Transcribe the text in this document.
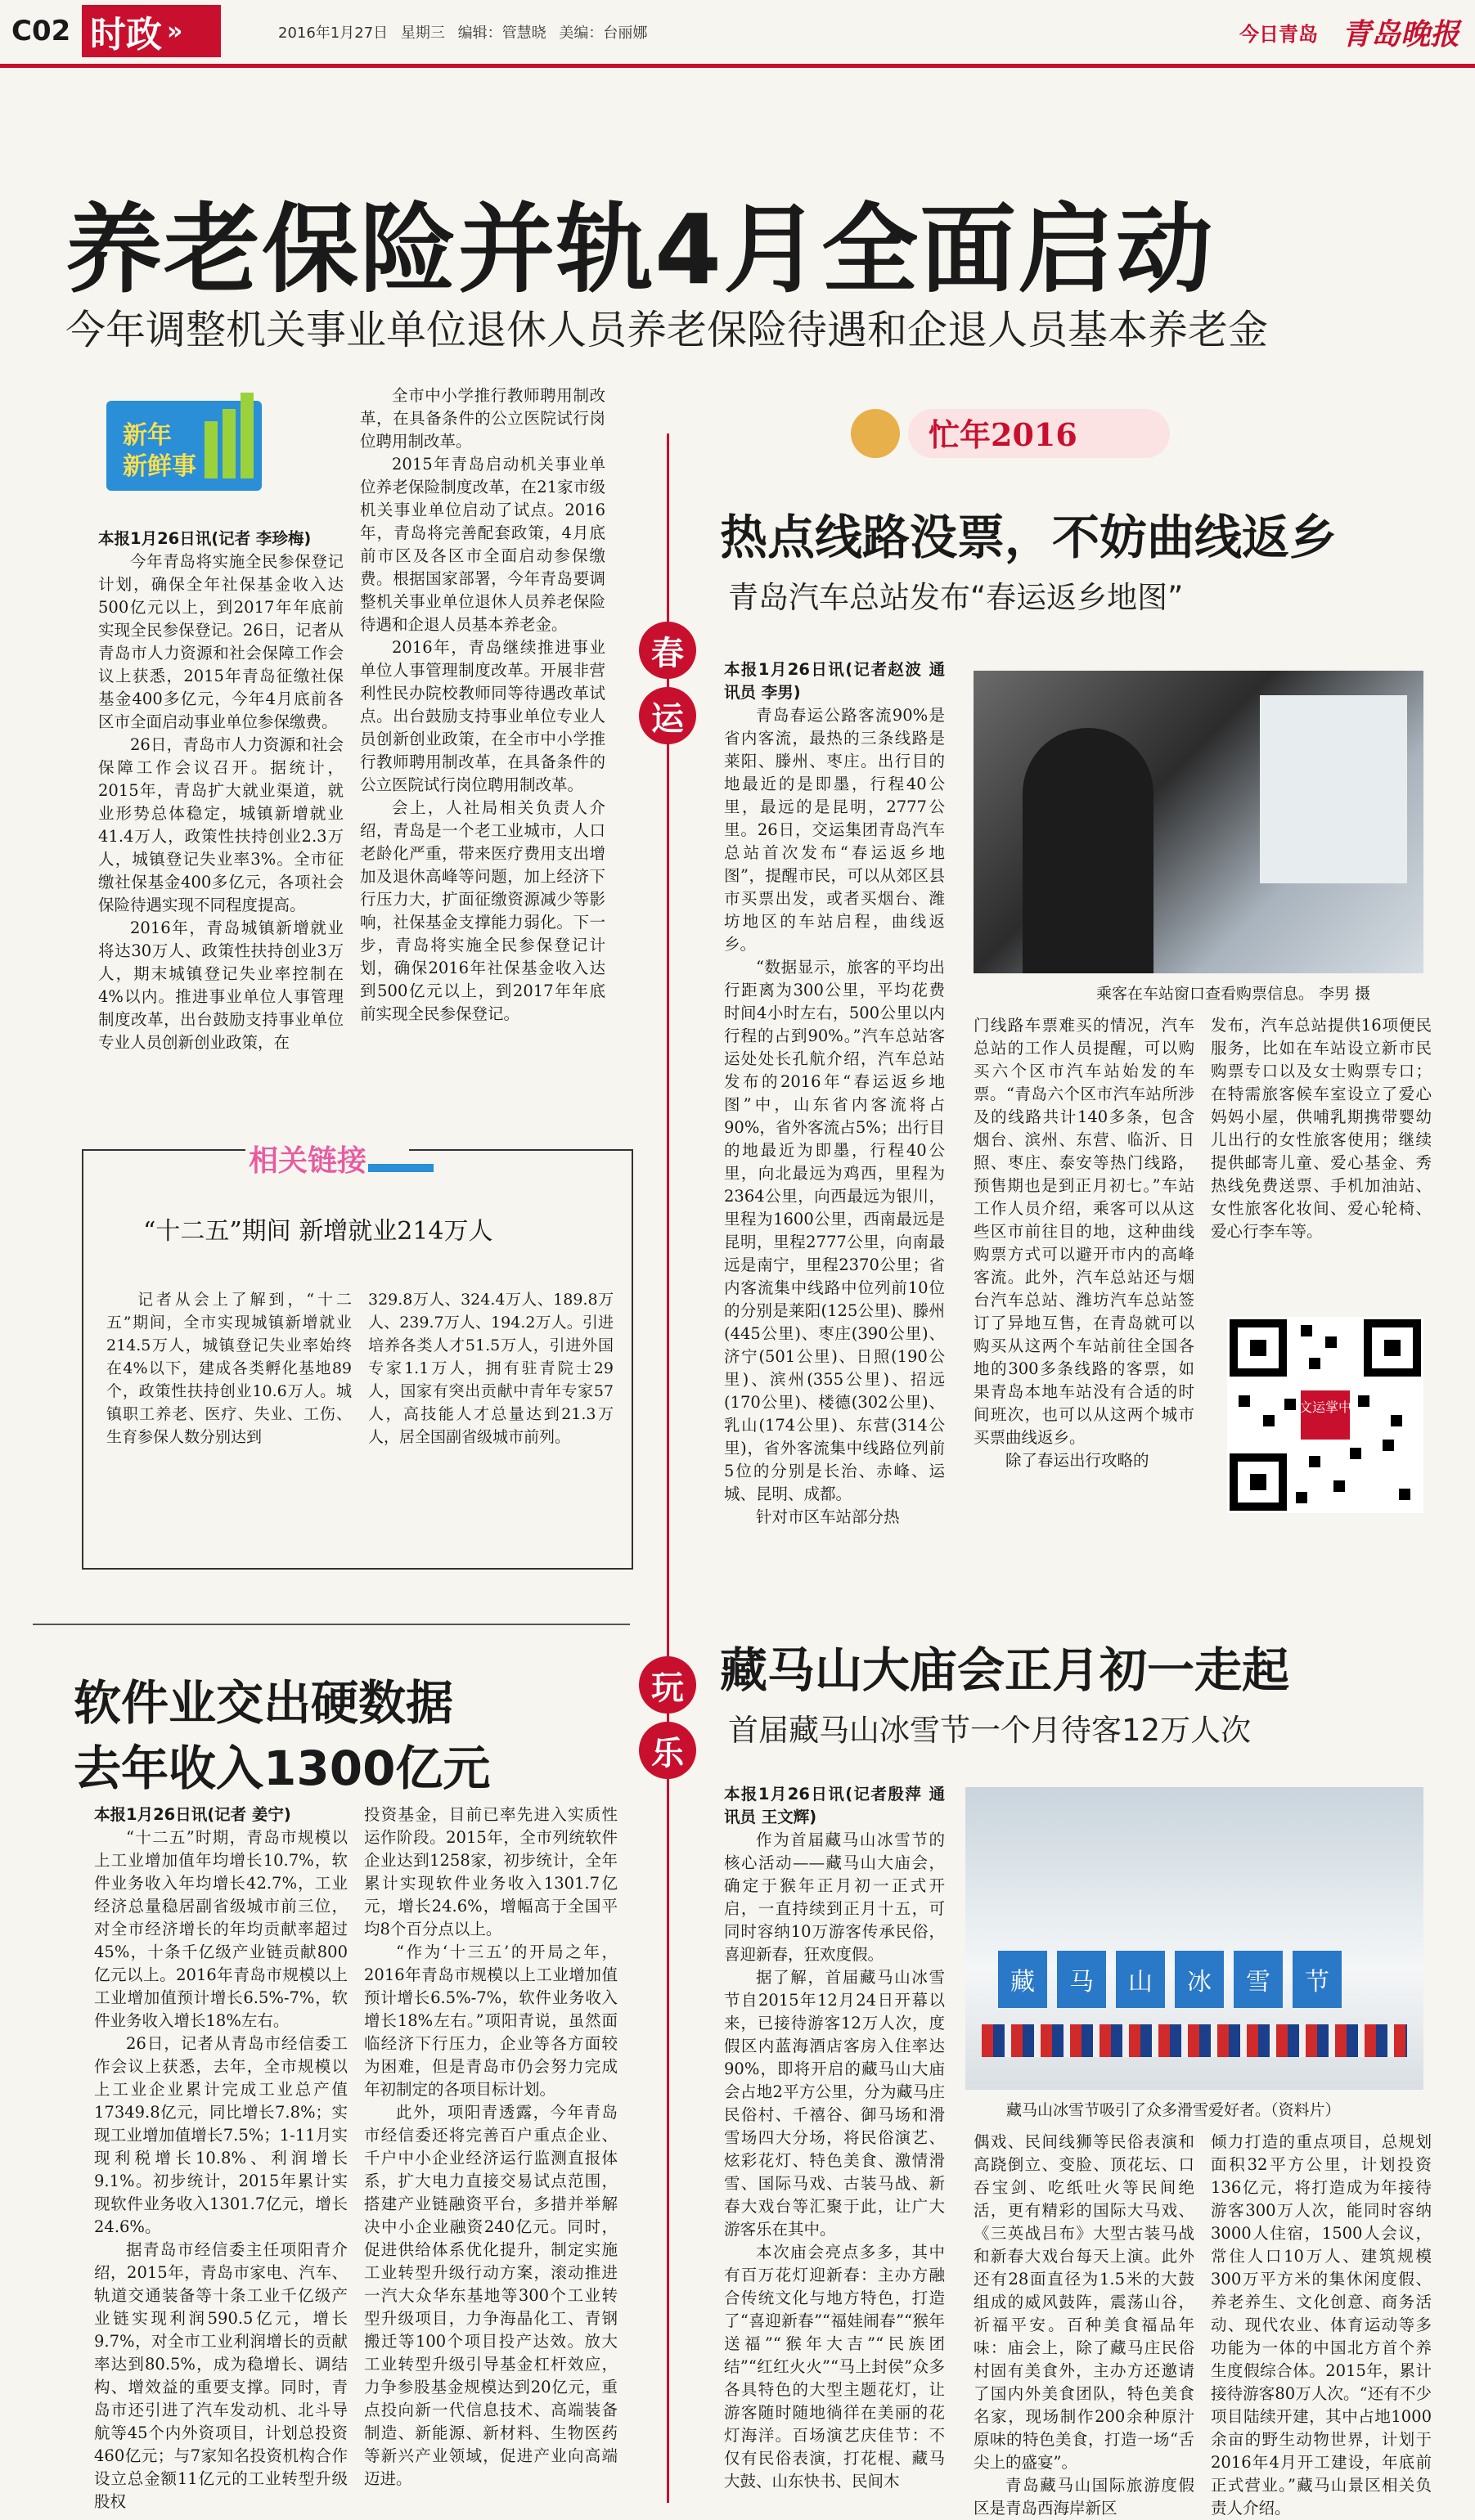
C02 时政 »	2016年1月27日 星期三 编辑：管慧晓 美编：台丽娜	今日青岛 青岛晚报
养老保险并轨4月全面启动
今年调整机关事业单位退休人员养老保险待遇和企退人员基本养老金
新年
新鲜事

本报1月26日讯(记者 李珍梅)

今年青岛将实施全民参保登记计划，确保全年社保基金收入达500亿元以上，到2017年年底前实现全民参保登记。26日，记者从青岛市人力资源和社会保障工作会议上获悉，2015年青岛征缴社保基金400多亿元，今年4月底前各区市全面启动事业单位参保缴费。

26日，青岛市人力资源和社会保障工作会议召开。据统计，2015年，青岛扩大就业渠道，就业形势总体稳定，城镇新增就业41.4万人，政策性扶持创业2.3万人，城镇登记失业率3%。全市征缴社保基金400多亿元，各项社会保险待遇实现不同程度提高。

2016年，青岛城镇新增就业将达30万人、政策性扶持创业3万人，期末城镇登记失业率控制在4%以内。推进事业单位人事管理制度改革，出台鼓励支持事业单位专业人员创新创业政策，在

全市中小学推行教师聘用制改革，在具备条件的公立医院试行岗位聘用制改革。

2015年青岛启动机关事业单位养老保险制度改革，在21家市级机关事业单位启动了试点。2016年，青岛将完善配套政策，4月底前市区及各区市全面启动参保缴费。根据国家部署，今年青岛要调整机关事业单位退休人员养老保险待遇和企退人员基本养老金。

2016年，青岛继续推进事业单位人事管理制度改革。开展非营利性民办院校教师同等待遇改革试点。出台鼓励支持事业单位专业人员创新创业政策，在全市中小学推行教师聘用制改革，在具备条件的公立医院试行岗位聘用制改革。

会上，人社局相关负责人介绍，青岛是一个老工业城市，人口老龄化严重，带来医疗费用支出增加及退休高峰等问题，加上经济下行压力大，扩面征缴资源减少等影响，社保基金支撑能力弱化。下一步，青岛将实施全民参保登记计划，确保2016年社保基金收入达到500亿元以上，到2017年年底前实现全民参保登记。

相关链接
“十二五”期间 新增就业214万人

记者从会上了解到，“十二五”期间，全市实现城镇新增就业214.5万人，城镇登记失业率始终在4%以下，建成各类孵化基地89个，政策性扶持创业10.6万人。城镇职工养老、医疗、失业、工伤、生育参保人数分别达到

329.8万人、324.4万人、189.8万人、239.7万人、194.2万人。引进培养各类人才51.5万人，引进外国专家1.1万人，拥有驻青院士29人，国家有突出贡献中青年专家57人，高技能人才总量达到21.3万人，居全国副省级城市前列。

春
运
玩
乐
忙年2016
热点线路没票，不妨曲线返乡
青岛汽车总站发布“春运返乡地图”

本报1月26日讯(记者赵波 通讯员 李男)

青岛春运公路客流90%是省内客流，最热的三条线路是莱阳、滕州、枣庄。出行目的地最近的是即墨，行程40公里，最远的是昆明，2777公里。26日，交运集团青岛汽车总站首次发布“春运返乡地图”，提醒市民，可以从郊区县市买票出发，或者买烟台、潍坊地区的车站启程，曲线返乡。

“数据显示，旅客的平均出行距离为300公里，平均花费时间4小时左右，500公里以内行程的占到90%。”汽车总站客运处处长孔航介绍，汽车总站发布的2016年“春运返乡地图”中，山东省内客流将占90%，省外客流占5%；出行目的地最近为即墨，行程40公里，向北最远为鸡西，里程为2364公里，向西最远为银川，里程为1600公里，西南最远是昆明，里程2777公里，向南最远是南宁，里程2370公里；省内客流集中线路中位列前10位的分别是莱阳(125公里)、滕州(445公里)、枣庄(390公里)、济宁(501公里)、日照(190公里)、滨州(355公里)、招远(170公里)、楼德(302公里)、乳山(174公里)、东营(314公里)，省外客流集中线路位列前5位的分别是长治、赤峰、运城、昆明、成都。

针对市区车站部分热

乘客在车站窗口查看购票信息。 李男 摄

门线路车票难买的情况，汽车总站的工作人员提醒，可以购买六个区市汽车站始发的车票。“青岛六个区市汽车站所涉及的线路共计140多条，包含烟台、滨州、东营、临沂、日照、枣庄、泰安等热门线路，预售期也是到正月初七。”车站工作人员介绍，乘客可以从这些区市前往目的地，这种曲线购票方式可以避开市内的高峰客流。此外，汽车总站还与烟台汽车总站、潍坊汽车总站签订了异地互售，在青岛就可以购买从这两个车站前往全国各地的300多条线路的客票，如果青岛本地车站没有合适的时间班次，也可以从这两个城市买票曲线返乡。

除了春运出行攻略的

发布，汽车总站提供16项便民服务，比如在车站设立新市民购票专口以及女士购票专口；在特需旅客候车室设立了爱心妈妈小屋，供哺乳期携带婴幼儿出行的女性旅客使用；继续提供邮寄儿童、爱心基金、秀热线免费送票、手机加油站、女性旅客化妆间、爱心轮椅、爱心行李车等。

文运掌中
软件业交出硬数据
去年收入1300亿元

本报1月26日讯(记者 姜宁)

“十二五”时期，青岛市规模以上工业增加值年均增长10.7%，软件业务收入年均增长42.7%，工业经济总量稳居副省级城市前三位，对全市经济增长的年均贡献率超过45%，十条千亿级产业链贡献800亿元以上。2016年青岛市规模以上工业增加值预计增长6.5%-7%，软件业务收入增长18%左右。

26日，记者从青岛市经信委工作会议上获悉，去年，全市规模以上工业企业累计完成工业总产值17349.8亿元，同比增长7.8%；实现工业增加值增长7.5%；1-11月实现利税增长10.8%、利润增长9.1%。初步统计，2015年累计实现软件业务收入1301.7亿元，增长24.6%。

据青岛市经信委主任项阳青介绍，2015年，青岛市家电、汽车、轨道交通装备等十条工业千亿级产业链实现利润590.5亿元，增长9.7%，对全市工业利润增长的贡献率达到80.5%，成为稳增长、调结构、增效益的重要支撑。同时，青岛市还引进了汽车发动机、北斗导航等45个内外资项目，计划总投资460亿元；与7家知名投资机构合作设立总金额11亿元的工业转型升级股权

投资基金，目前已率先进入实质性运作阶段。2015年，全市列统软件企业达到1258家，初步统计，全年累计实现软件业务收入1301.7亿元，增长24.6%，增幅高于全国平均8个百分点以上。

“作为‘十三五’的开局之年，2016年青岛市规模以上工业增加值预计增长6.5%-7%，软件业务收入增长18%左右。”项阳青说，虽然面临经济下行压力，企业等各方面较为困难，但是青岛市仍会努力完成年初制定的各项目标计划。

此外，项阳青透露，今年青岛市经信委还将完善百户重点企业、千户中小企业经济运行监测直报体系，扩大电力直接交易试点范围，搭建产业链融资平台，多措并举解决中小企业融资240亿元。同时，促进供给体系优化提升，制定实施工业转型升级行动方案，滚动推进一汽大众华东基地等300个工业转型升级项目，力争海晶化工、青钢搬迁等100个项目投产达效。放大工业转型升级引导基金杠杆效应，力争参股基金规模达到20亿元，重点投向新一代信息技术、高端装备制造、新能源、新材料、生物医药等新兴产业领域，促进产业向高端迈进。

藏马山大庙会正月初一走起
首届藏马山冰雪节一个月待客12万人次

本报1月26日讯(记者殷萍 通讯员 王文辉)

作为首届藏马山冰雪节的核心活动——藏马山大庙会，确定于猴年正月初一正式开启，一直持续到正月十五，可同时容纳10万游客传承民俗，喜迎新春，狂欢度假。

据了解，首届藏马山冰雪节自2015年12月24日开幕以来，已接待游客12万人次，度假区内蓝海酒店客房入住率达90%，即将开启的藏马山大庙会占地2平方公里，分为藏马庄民俗村、千禧谷、御马场和滑雪场四大分场，将民俗演艺、炫彩花灯、特色美食、激情滑雪、国际马戏、古装马战、新春大戏台等汇聚于此，让广大游客乐在其中。

本次庙会亮点多多，其中有百万花灯迎新春：主办方融合传统文化与地方特色，打造了“喜迎新春”“福娃闹春”“猴年送福”“猴年大吉”“民族团结”“红红火火”“马上封侯”众多各具特色的大型主题花灯，让游客随时随地徜徉在美丽的花灯海洋。百场演艺庆佳节：不仅有民俗表演，打花棍、藏马大鼓、山东快书、民间木

藏	马	山	冰	雪	节
藏马山冰雪节吸引了众多滑雪爱好者。（资料片）

偶戏、民间线狮等民俗表演和高跷倒立、变脸、顶花坛、口吞宝剑、吃纸吐火等民间绝活，更有精彩的国际大马戏、《三英战吕布》大型古装马战和新春大戏台每天上演。此外还有28面直径为1.5米的大鼓组成的威风鼓阵，震荡山谷，祈福平安。百种美食福品年味：庙会上，除了藏马庄民俗村固有美食外，主办方还邀请了国内外美食团队，特色美食名家，现场制作200余种原汁原味的特色美食，打造一场“舌尖上的盛宴”。

青岛藏马山国际旅游度假区是青岛西海岸新区

倾力打造的重点项目，总规划面积32平方公里，计划投资136亿元，将打造成为年接待游客300万人次，能同时容纳3000人住宿，1500人会议，常住人口10万人、建筑规模300万平方米的集休闲度假、养老养生、文化创意、商务活动、现代农业、体育运动等多功能为一体的中国北方首个养生度假综合体。2015年，累计接待游客80万人次。“还有不少项目陆续开建，其中占地1000余亩的野生动物世界，计划于2016年4月开工建设，年底前正式营业。”藏马山景区相关负责人介绍。
